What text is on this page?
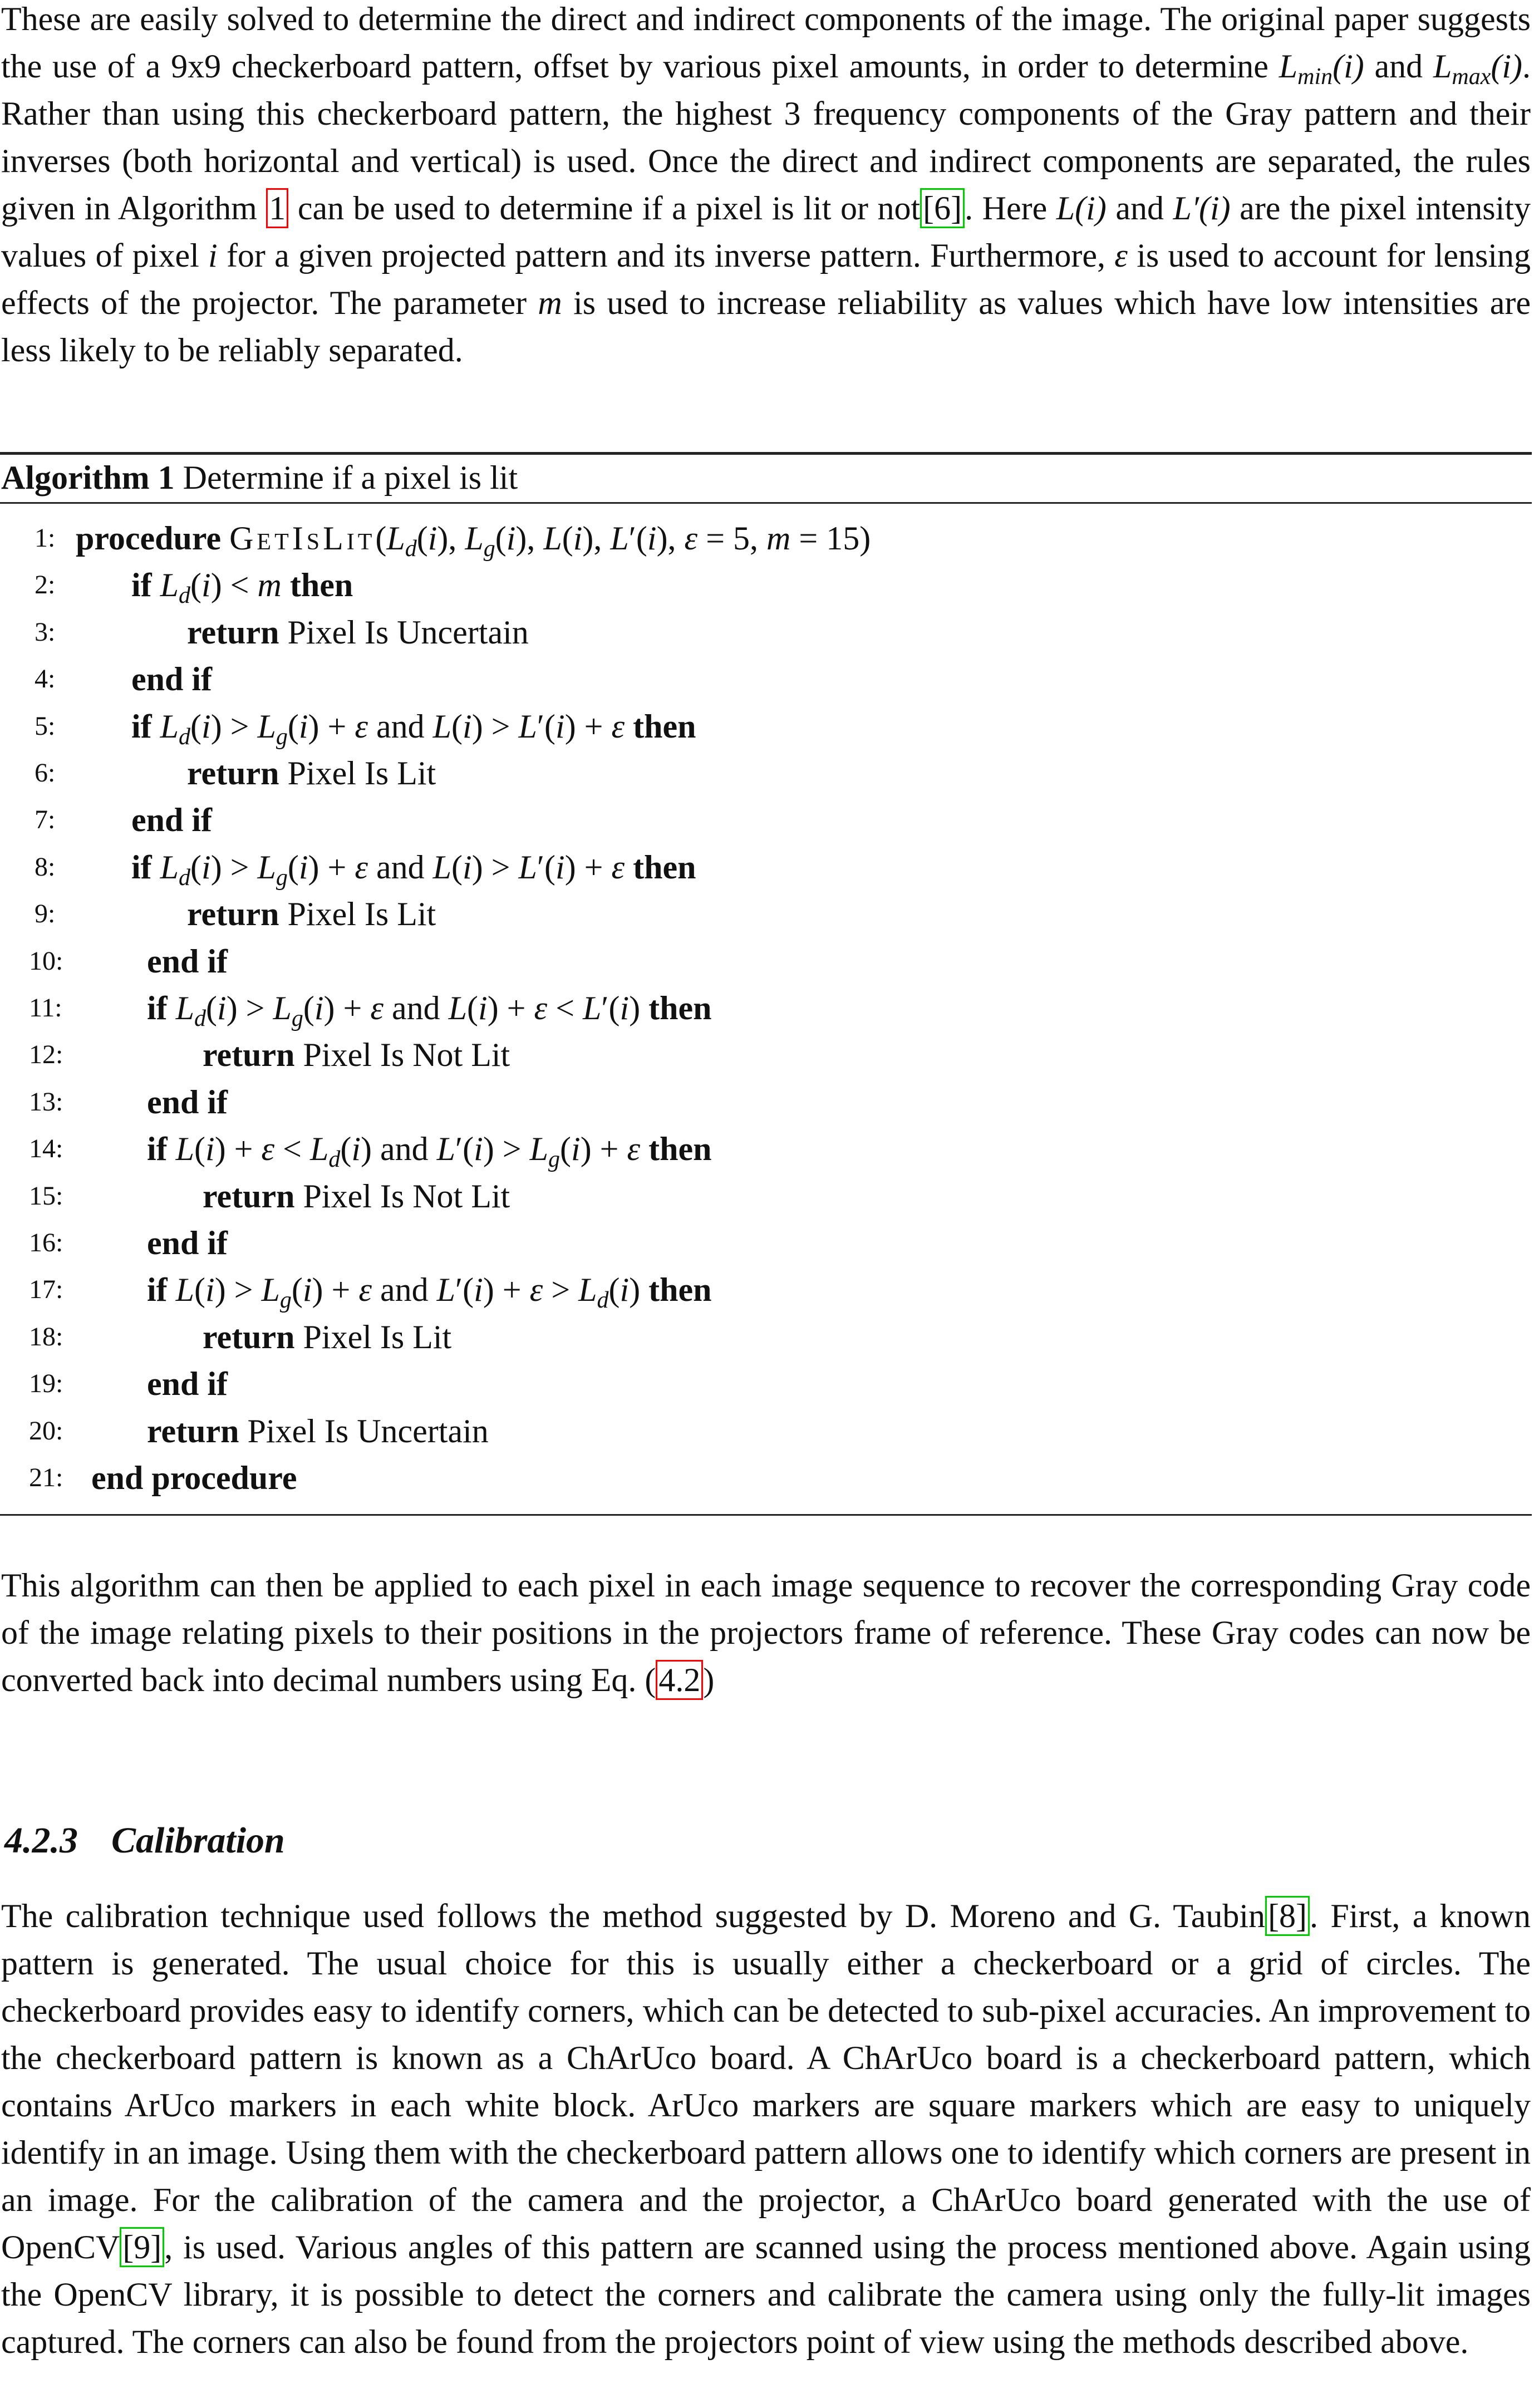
These are easily solved to determine the direct and indirect components of the image. The original paper suggests the use of a 9x9 checkerboard pattern, offset by various pixel amounts, in order to determine $L_{min}(i)$ and $L_{max}(i)$. Rather than using this checkerboard pattern, the highest 3 frequency components of the Gray pattern and their inverses (both horizontal and vertical) is used. Once the direct and indirect components are separated, the rules given in Algorithm 1 can be used to determine if a pixel is lit or not[6]. Here L(i) and L′(i) are the pixel intensity values of pixel i for a given projected pattern and its inverse pattern. Furthermore, ε is used to account for lensing effects of the projector. The parameter m is used to increase reliability as values which have low intensities are less likely to be reliably separated.

Algorithm 1 Determine if a pixel is lit
1: procedure $GetIsLit(L_d(i)$, $L_g(i)$, L(i), L′(i), ε = 5, m = 15)
2: if $L_d(i) < m$ then
3:	return Pixel Is Uncertain
4: end if
5: if $L_d(i) > L_g(i) + \varepsilon$ and L(i) > L′(i) + ε then
6:	return Pixel Is Lit
7: end if
8: if $L_d(i) > L_g(i) + \varepsilon$ and L(i) > L′(i) + ε then
9:	return Pixel Is Lit
10:	end if
11:	if $L_d(i) > L_g(i) + \varepsilon$ and L(i) + ε < L′(i) then
12:	return Pixel Is Not Lit
13:	end if
14:	if $L(i) + \varepsilon < L_d(i)$ and $L'(i) > L_g(i) + \varepsilon$ then
15:	return Pixel Is Not Lit
16:	end if
17:	if $L(i) > L_g(i) + \varepsilon$ and $L'(i) + \varepsilon > L_d(i)$ then
18:	return Pixel Is Lit
19:	end if
20:	return Pixel Is Uncertain
21: end procedure

This algorithm can then be applied to each pixel in each image sequence to recover the corresponding Gray code of the image relating pixels to their positions in the projectors frame of reference. These Gray codes can now be converted back into decimal numbers using Eq. (4.2)

4.2.3 Calibration

The calibration technique used follows the method suggested by D. Moreno and G. Taubin[8]. First, a known pattern is generated. The usual choice for this is usually either a checkerboard or a grid of circles. The checkerboard provides easy to identify corners, which can be detected to sub-pixel accuracies. An improvement to the checkerboard pattern is known as a ChArUco board. A ChArUco board is a checkerboard pattern, which contains ArUco markers in each white block. ArUco markers are square markers which are easy to uniquely identify in an image. Using them with the checkerboard pattern allows one to identify which corners are present in an image. For the calibration of the camera and the projector, a ChArUco board generated with the use of OpenCV[9], is used. Various angles of this pattern are scanned using the process mentioned above. Again using the OpenCV library, it is possible to detect the corners and calibrate the camera using only the fully-lit images captured. The corners can also be found from the projectors point of view using the methods described above.
